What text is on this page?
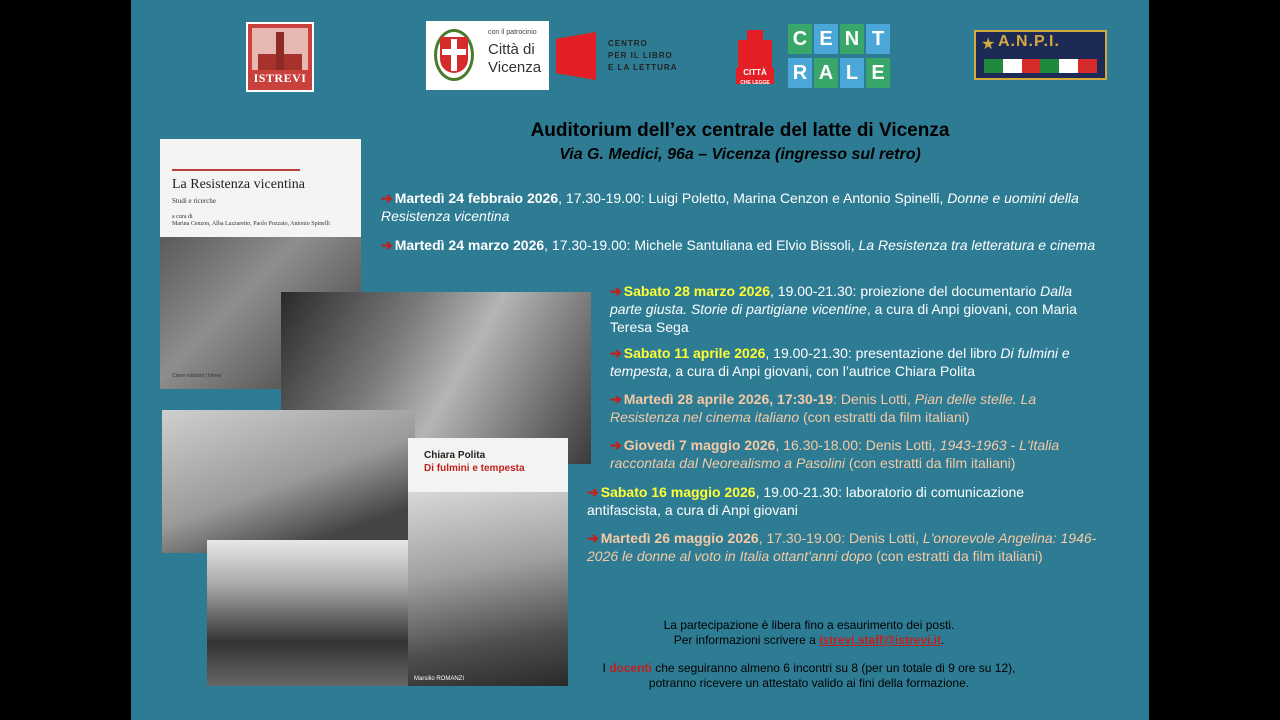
ISTREVI
con il patrocinio
Città di
Vicenza
CENTRO
PER IL LIBRO
E LA LETTURA
CITTÀ
CHE LEGGE
C E N T
R A L E
★ A.N.P.I.
Auditorium dell’ex centrale del latte di Vicenza
Via G. Medici, 96a – Vicenza (ingresso sul retro)
➔ Martedì 24 febbraio 2026, 17.30-19.00: Luigi Poletto, Marina Cenzon e Antonio Spinelli, Donne e uomini della Resistenza vicentina
➔ Martedì 24 marzo 2026, 17.30-19.00: Michele Santuliana ed Elvio Bissoli, La Resistenza tra letteratura e cinema
➔ Sabato 28 marzo 2026, 19.00-21.30: proiezione del documentario Dalla parte giusta. Storie di partigiane vicentine, a cura di Anpi giovani, con Maria Teresa Sega
➔ Sabato 11 aprile 2026, 19.00-21.30: presentazione del libro Di fulmini e tempesta, a cura di Anpi giovani, con l’autrice Chiara Polita
➔ Martedì 28 aprile 2026, 17:30-19: Denis Lotti, Pian delle stelle. La Resistenza nel cinema italiano (con estratti da film italiani)
➔ Giovedì 7 maggio 2026, 16.30-18.00: Denis Lotti, 1943-1963 - L'Italia raccontata dal Neorealismo a Pasolini (con estratti da film italiani)
➔ Sabato 16 maggio 2026, 19.00-21.30: laboratorio di comunicazione antifascista, a cura di Anpi giovani
➔ Martedì 26 maggio 2026, 17.30-19.00: Denis Lotti, L'onorevole Angelina: 1946-2026 le donne al voto in Italia ottant'anni dopo (con estratti da film italiani)
La Resistenza vicentina
Studi e ricerche
a cura di
Marina Cenzon, Alba Lazzaretto, Paolo Pozzato, Antonio Spinelli
Cierre edizioni | Istrevi
Chiara Polita
Di fulmini e tempesta
Marsilio ROMANZI
La partecipazione è libera fino a esaurimento dei posti.
Per informazioni scrivere a istrevi.staff@istrevi.it.
I docenti che seguiranno almeno 6 incontri su 8 (per un totale di 9 ore su 12),
potranno ricevere un attestato valido ai fini della formazione.
